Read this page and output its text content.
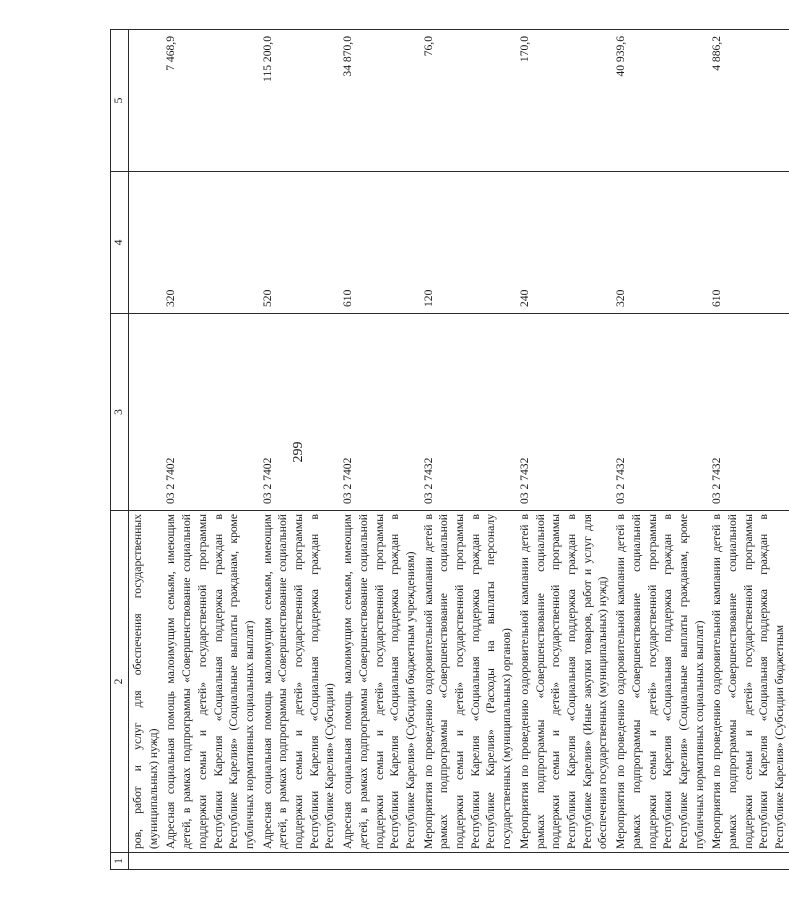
299
1	2	3	4	5
	ров, работ и услуг для обеспечения государственных (муниципальных) нужд)			
	Адресная социальная помощь малоимущим семьям, имеющим детей, в рамках подпрограммы «Совершенствование социальной поддержки семьи и детей» государственной программы Республики Карелия «Социальная поддержка граждан в Республике Карелия» (Социальные выплаты гражданам, кроме публичных нормативных социальных выплат)	03 2 7402	320	7 468,9
	Адресная социальная помощь малоимущим семьям, имеющим детей, в рамках подпрограммы «Совершенствование социальной поддержки семьи и детей» государственной программы Республики Карелия «Социальная поддержка граждан в Республике Карелия» (Субсидии)	03 2 7402	520	115 200,0
	Адресная социальная помощь малоимущим семьям, имеющим детей, в рамках подпрограммы «Совершенствование социальной поддержки семьи и детей» государственной программы Республики Карелия «Социальная поддержка граждан в Республике Карелия» (Субсидии бюджетным учреждениям)	03 2 7402	610	34 870,0
	Мероприятия по проведению оздоровительной кампании детей в рамках подпрограммы «Совершенствование социальной поддержки семьи и детей» государственной программы Республики Карелия «Социальная поддержка граждан в Республике Карелия» (Расходы на выплаты персоналу государственных (муниципальных) органов)	03 2 7432	120	76,0
	Мероприятия по проведению оздоровительной кампании детей в рамках подпрограммы «Совершенствование социальной поддержки семьи и детей» государственной программы Республики Карелия «Социальная поддержка граждан в Республике Карелия» (Иные закупки товаров, работ и услуг для обеспечения государственных (муниципальных) нужд)	03 2 7432	240	170,0
	Мероприятия по проведению оздоровительной кампании детей в рамках подпрограммы «Совершенствование социальной поддержки семьи и детей» государственной программы Республики Карелия «Социальная поддержка граждан в Республике Карелия» (Социальные выплаты гражданам, кроме публичных нормативных социальных выплат)	03 2 7432	320	40 939,6
	Мероприятия по проведению оздоровительной кампании детей в рамках подпрограммы «Совершенствование социальной поддержки семьи и детей» государственной программы Республики Карелия «Социальная поддержка граждан в Республике Карелия» (Субсидии бюджетным	03 2 7432	610	4 886,2
